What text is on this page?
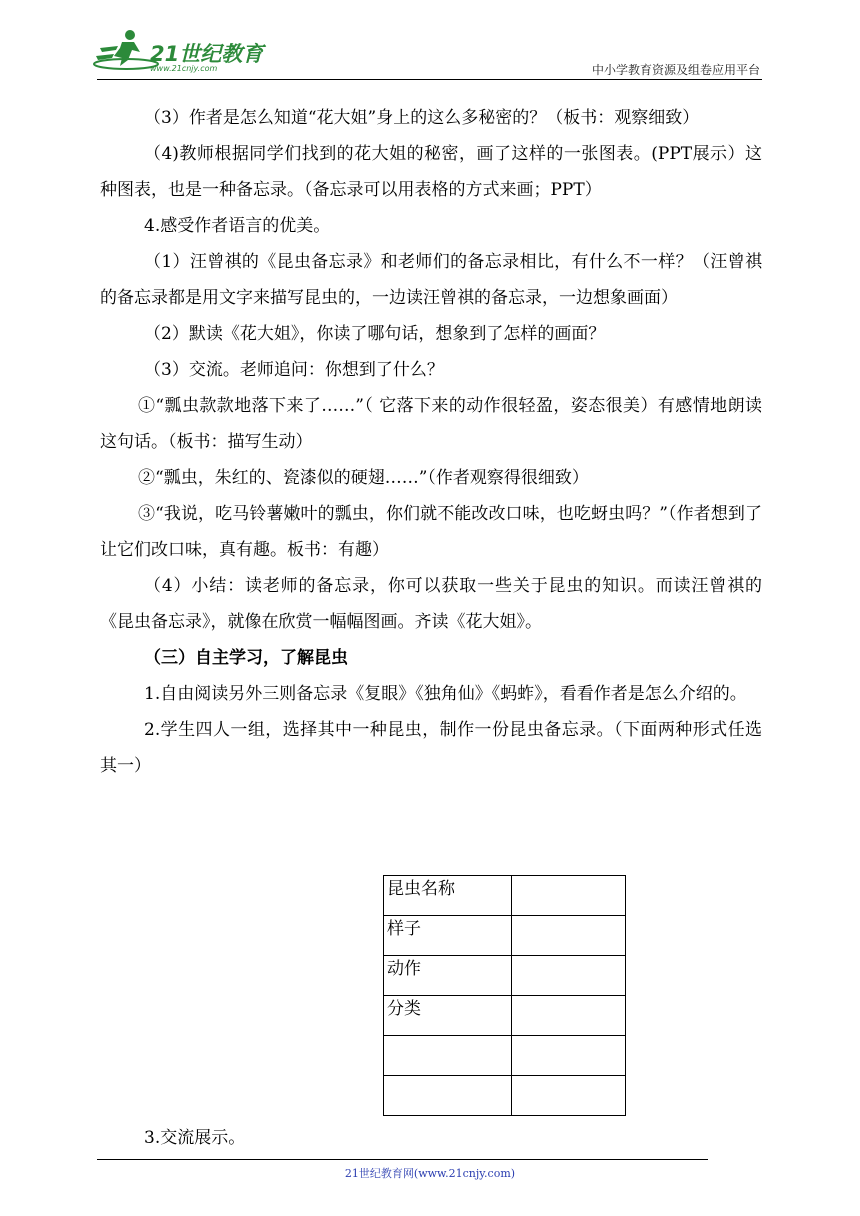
21世纪教育
www.21cnjy.com	中小学教育资源及组卷应用平台

（3）作者是怎么知道“花大姐”身上的这么多秘密的？（板书：观察细致）

（4)教师根据同学们找到的花大姐的秘密，画了这样的一张图表。(PPT展示）这种图表，也是一种备忘录。（备忘录可以用表格的方式来画；PPT）

4.感受作者语言的优美。

（1）汪曾祺的《昆虫备忘录》和老师们的备忘录相比，有什么不一样？（汪曾祺的备忘录都是用文字来描写昆虫的，一边读汪曾祺的备忘录，一边想象画面）

（2）默读《花大姐》，你读了哪句话，想象到了怎样的画面？

（3）交流。老师追问：你想到了什么？

①“瓢虫款款地落下来了……”（ 它落下来的动作很轻盈，姿态很美）有感情地朗读这句话。（板书：描写生动）

②“瓢虫，朱红的、瓷漆似的硬翅……”（作者观察得很细致）

③“我说，吃马铃薯嫩叶的瓢虫，你们就不能改改口味，也吃蚜虫吗？”（作者想到了让它们改口味，真有趣。板书：有趣）

（4）小结：读老师的备忘录，你可以获取一些关于昆虫的知识。而读汪曾祺的《昆虫备忘录》，就像在欣赏一幅幅图画。齐读《花大姐》。

（三）自主学习，了解昆虫

1.自由阅读另外三则备忘录《复眼》《独角仙》《蚂蚱》，看看作者是怎么介绍的。

2.学生四人一组，选择其中一种昆虫，制作一份昆虫备忘录。（下面两种形式任选其一）

昆虫名称	
样子	
动作	
分类	

3.交流展示。

21世纪教育网(www.21cnjy.com)
